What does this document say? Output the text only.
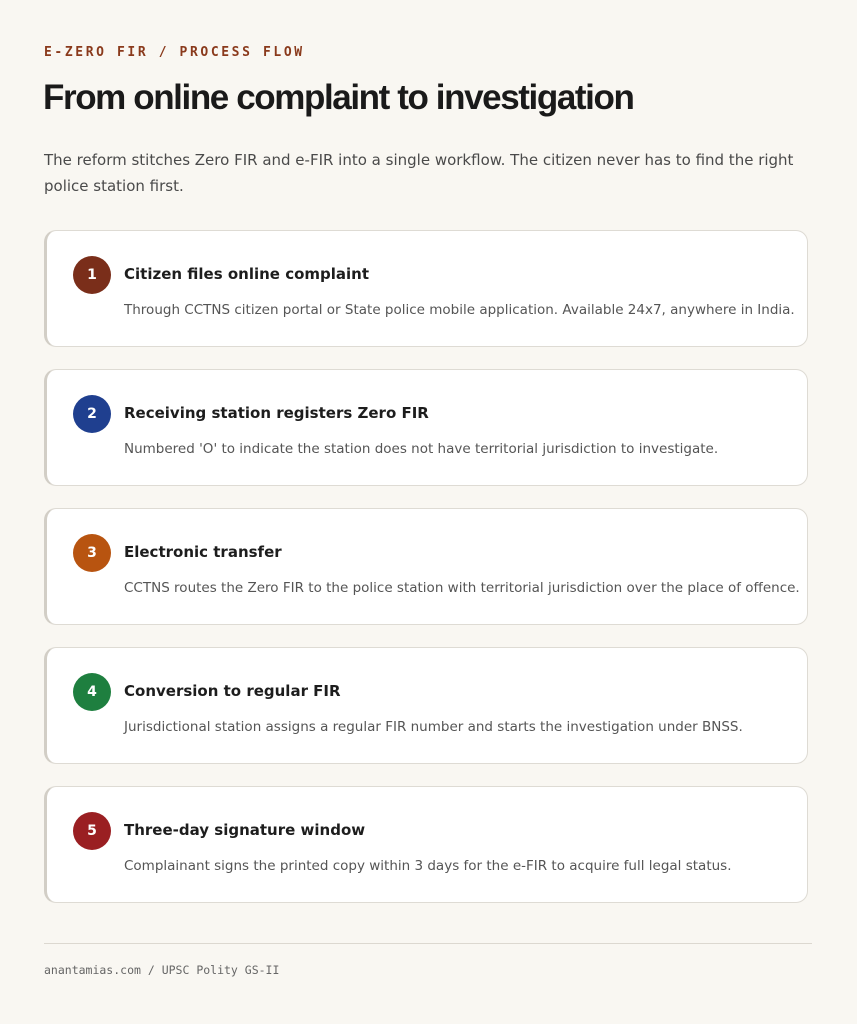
E-ZERO FIR / PROCESS FLOW
From online complaint to investigation
The reform stitches Zero FIR and e-FIR into a single workflow. The citizen never has to find the right police station first.
1	Citizen files online complaint
Through CCTNS citizen portal or State police mobile application. Available 24x7, anywhere in India.
2	Receiving station registers Zero FIR
Numbered 'O' to indicate the station does not have territorial jurisdiction to investigate.
3	Electronic transfer
CCTNS routes the Zero FIR to the police station with territorial jurisdiction over the place of offence.
4	Conversion to regular FIR
Jurisdictional station assigns a regular FIR number and starts the investigation under BNSS.
5	Three-day signature window
Complainant signs the printed copy within 3 days for the e-FIR to acquire full legal status.
anantamias.com / UPSC Polity GS-II
